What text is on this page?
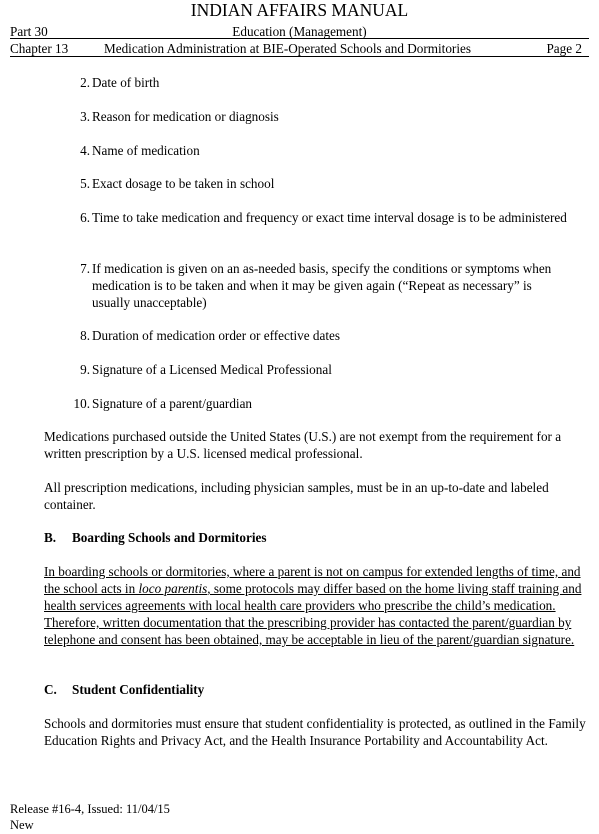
INDIAN AFFAIRS MANUAL
Education (Management)
Part 30
Chapter 13	Medication Administration at BIE-Operated Schools and Dormitories	Page 2
2. Date of birth
3. Reason for medication or diagnosis
4. Name of medication
5. Exact dosage to be taken in school
6. Time to take medication and frequency or exact time interval dosage is to be administered
7. If medication is given on an as-needed basis, specify the conditions or symptoms when medication is to be taken and when it may be given again (“Repeat as necessary” is usually unacceptable)
8. Duration of medication order or effective dates
9. Signature of a Licensed Medical Professional
10. Signature of a parent/guardian
Medications purchased outside the United States (U.S.) are not exempt from the requirement for a written prescription by a U.S. licensed medical professional.
All prescription medications, including physician samples, must be in an up-to-date and labeled container.
B. Boarding Schools and Dormitories
In boarding schools or dormitories, where a parent is not on campus for extended lengths of time, and the school acts in loco parentis, some protocols may differ based on the home living staff training and health services agreements with local health care providers who prescribe the child’s medication. Therefore, written documentation that the prescribing provider has contacted the parent/guardian by telephone and consent has been obtained, may be acceptable in lieu of the parent/guardian signature.
C. Student Confidentiality
Schools and dormitories must ensure that student confidentiality is protected, as outlined in the Family Education Rights and Privacy Act, and the Health Insurance Portability and Accountability Act.
Release #16-4, Issued: 11/04/15
New
